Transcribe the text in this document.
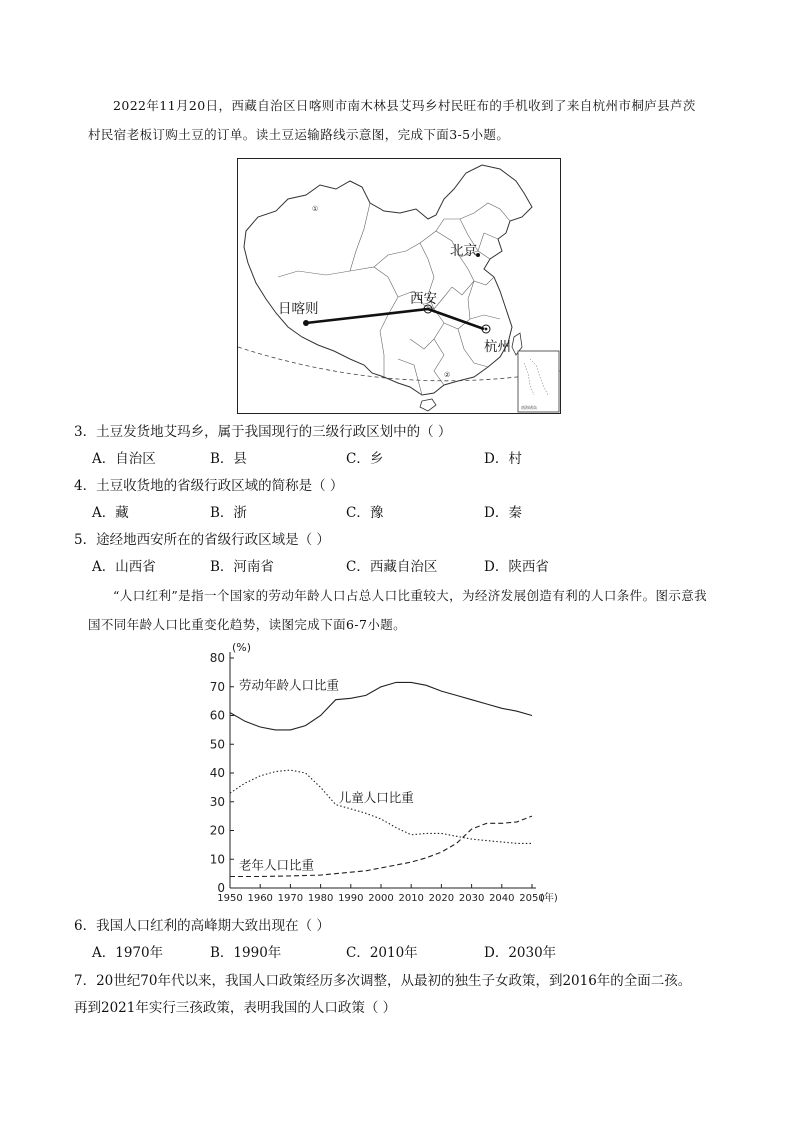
2022年11月20日，西藏自治区日喀则市南木林县艾玛乡村民旺布的手机收到了来自杭州市桐庐县芦茨村民宿老板订购土豆的订单。读土豆运输路线示意图，完成下面3-5小题。
南海诸岛
日喀则
西安
北京
杭州
①
②
3．土豆发货地艾玛乡，属于我国现行的三级行政区划中的（ ）
A．自治区	B．县	C．乡	D．村
4．土豆收货地的省级行政区域的简称是（ ）
A．藏	B．浙	C．豫	D．秦
5．途经地西安所在的省级行政区域是（ ）
A．山西省	B．河南省	C．西藏自治区	D．陕西省
“人口红利”是指一个国家的劳动年龄人口占总人口比重较大，为经济发展创造有利的人口条件。图示意我国不同年龄人口比重变化趋势，读图完成下面6-7小题。
0
10
20
30
40
50
60
70
80
1950 1960 1970 1980 1990 2000 2010 2020 2030 2040 2050
(%)
(年)
劳动年龄人口比重
儿童人口比重
老年人口比重
6．我国人口红利的高峰期大致出现在（ ）
A．1970年	B．1990年	C．2010年	D．2030年
7．20世纪70年代以来，我国人口政策经历多次调整，从最初的独生子女政策，到2016年的全面二孩。
再到2021年实行三孩政策，表明我国的人口政策（ ）
